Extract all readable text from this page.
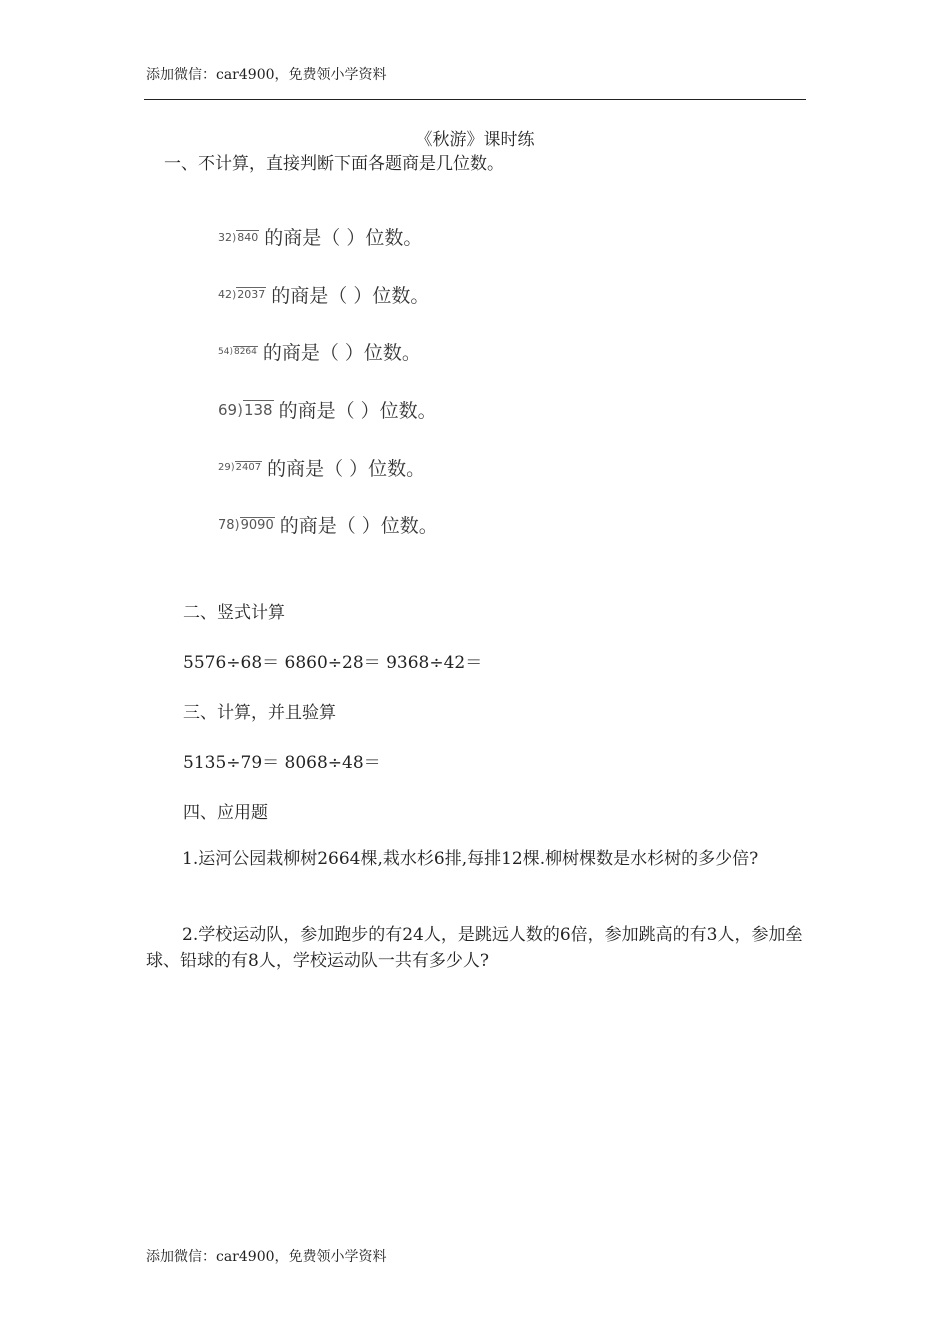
添加微信：car4900，免费领小学资料
《秋游》课时练
一、不计算，直接判断下面各题商是几位数。
32 ) 840 的商是（ ）位数。
42 ) 2037 的商是（ ）位数。
54 ) 8264 的商是（ ）位数。
69 ) 138 的商是（ ）位数。
29 ) 2407 的商是（ ）位数。
78 ) 9090 的商是（ ）位数。
二、竖式计算
5576÷68＝ 6860÷28＝ 9368÷42＝
三、计算，并且验算
5135÷79＝ 8068÷48＝
四、应用题
1.运河公园栽柳树2664棵,栽水杉6排,每排12棵.柳树棵数是水杉树的多少倍?
2.学校运动队，参加跑步的有24人，是跳远人数的6倍，参加跳高的有3人，参加垒球、铅球的有8人，学校运动队一共有多少人?
添加微信：car4900，免费领小学资料
